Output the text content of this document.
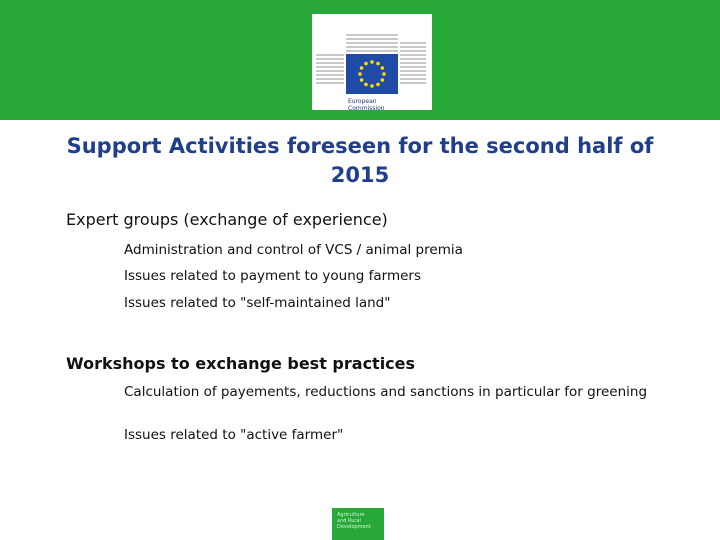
European
Commission
Support Activities foreseen for the second half of 2015
Expert groups (exchange of experience)
Administration and control of VCS / animal premia
Issues related to payment to young farmers
Issues related to "self-maintained land"
Workshops to exchange best practices
Calculation of payements, reductions and sanctions in particular for greening
Issues related to "active farmer"
Agriculture
and Rural
Development
